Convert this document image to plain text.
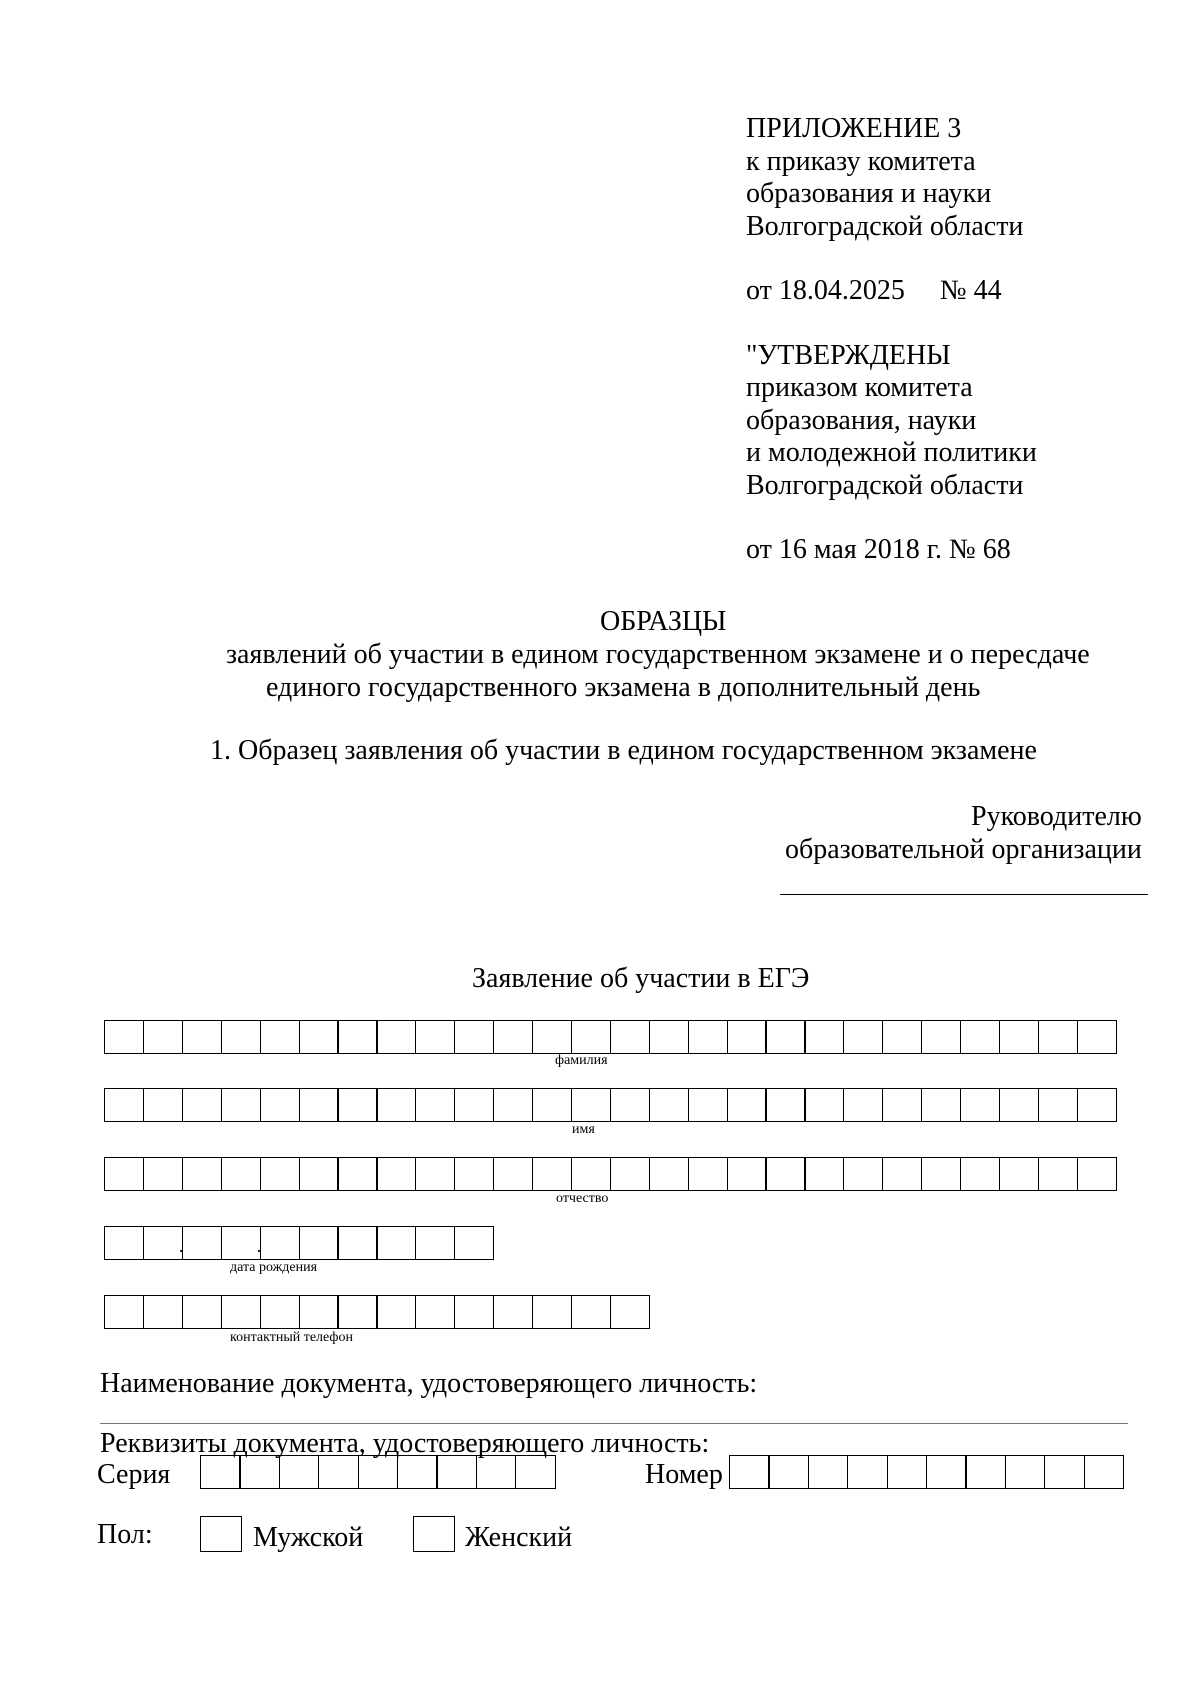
ПРИЛОЖЕНИЕ 3
к приказу комитета
образования и науки
Волгоградской области
от 18.04.2025     № 44
"УТВЕРЖДЕНЫ
приказом комитета
образования, науки
и молодежной политики
Волгоградской области
от 16 мая 2018 г. № 68
ОБРАЗЦЫ
заявлений об участии в едином государственном экзамене и о пересдаче
единого государственного экзамена в дополнительный день
1. Образец заявления об участии в едином государственном экзамене
Руководителю
образовательной организации
Заявление об участии в ЕГЭ
фамилия
имя
отчество
.	.
дата рождения
контактный телефон
Наименование документа, удостоверяющего личность:
Реквизиты документа, удостоверяющего личность:
Серия	Номер
Пол:	Мужской	Женский
